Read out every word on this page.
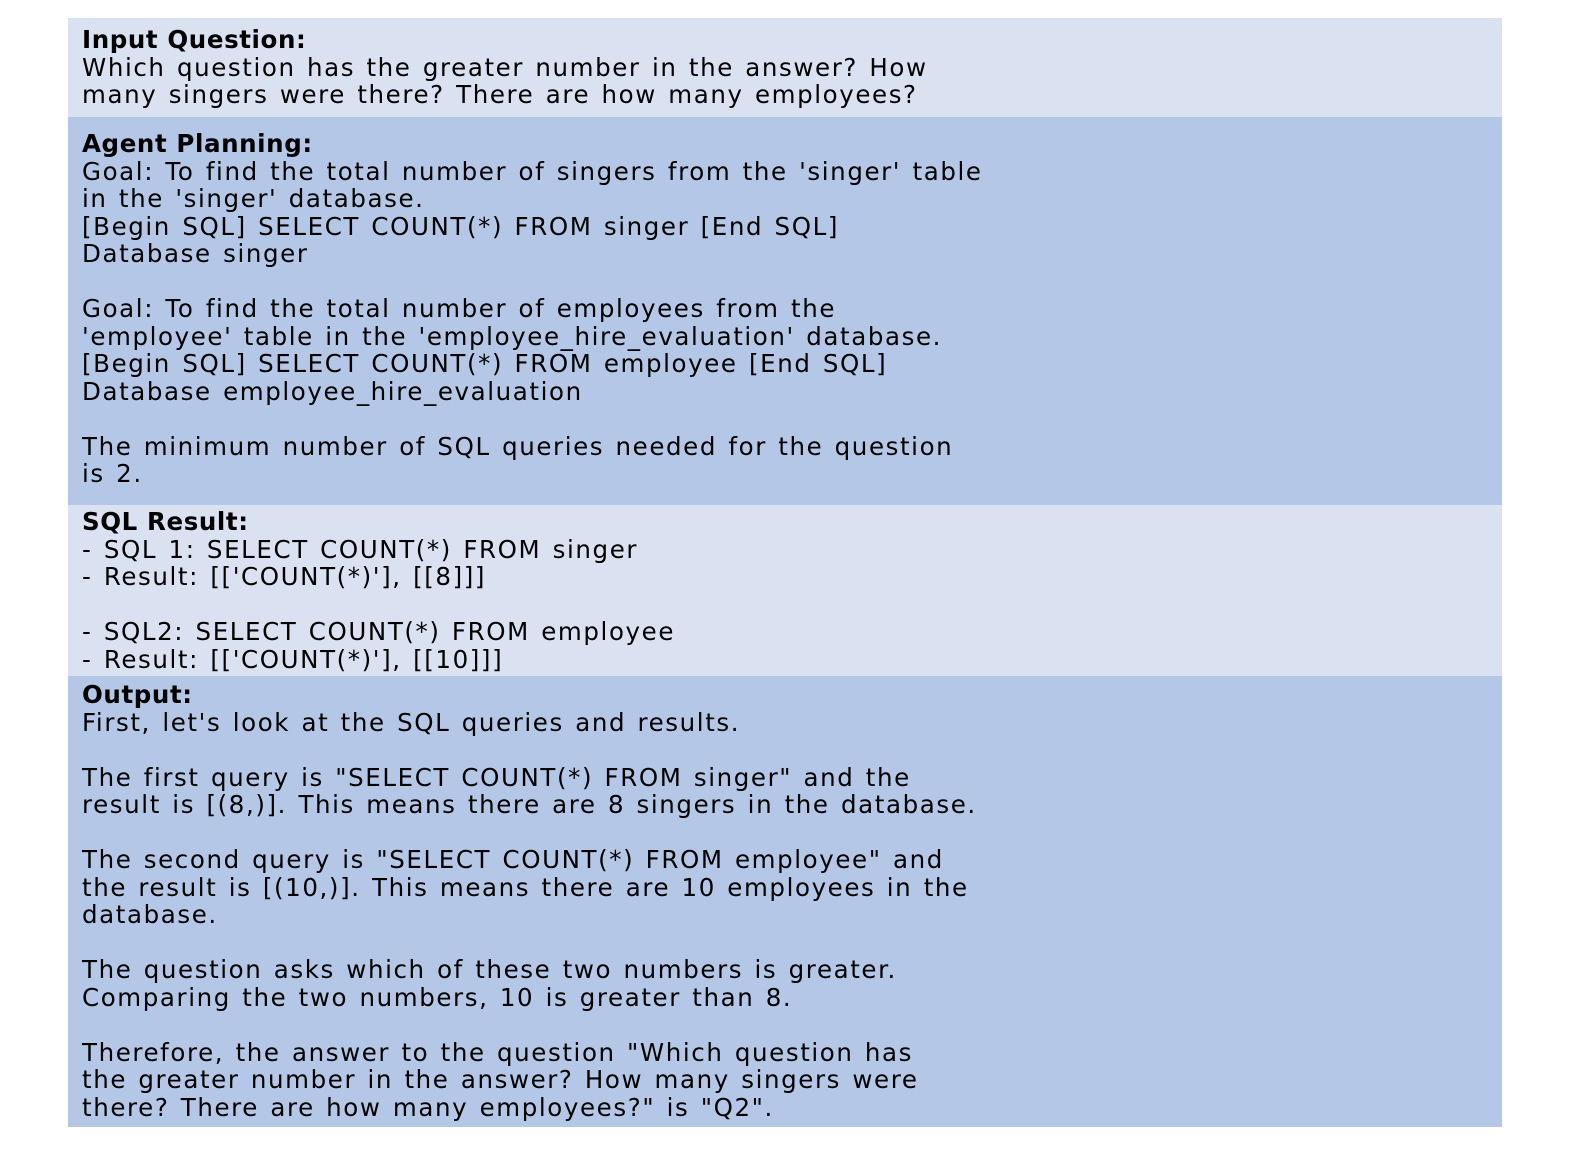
Input Question:
Which question has the greater number in the answer? How
many singers were there? There are how many employees?
Agent Planning:
Goal: To find the total number of singers from the 'singer' table
in the 'singer' database.
[Begin SQL] SELECT COUNT(*) FROM singer [End SQL]
Database singer
Goal: To find the total number of employees from the
'employee' table in the 'employee_hire_evaluation' database.
[Begin SQL] SELECT COUNT(*) FROM employee [End SQL]
Database employee_hire_evaluation
The minimum number of SQL queries needed for the question
is 2.
SQL Result:
- SQL 1: SELECT COUNT(*) FROM singer
- Result: [['COUNT(*)'], [[8]]]
- SQL2: SELECT COUNT(*) FROM employee
- Result: [['COUNT(*)'], [[10]]]
Output:
First, let's look at the SQL queries and results.
The first query is "SELECT COUNT(*) FROM singer" and the
result is [(8,)]. This means there are 8 singers in the database.
The second query is "SELECT COUNT(*) FROM employee" and
the result is [(10,)]. This means there are 10 employees in the
database.
The question asks which of these two numbers is greater.
Comparing the two numbers, 10 is greater than 8.
Therefore, the answer to the question "Which question has
the greater number in the answer? How many singers were
there? There are how many employees?" is "Q2".
